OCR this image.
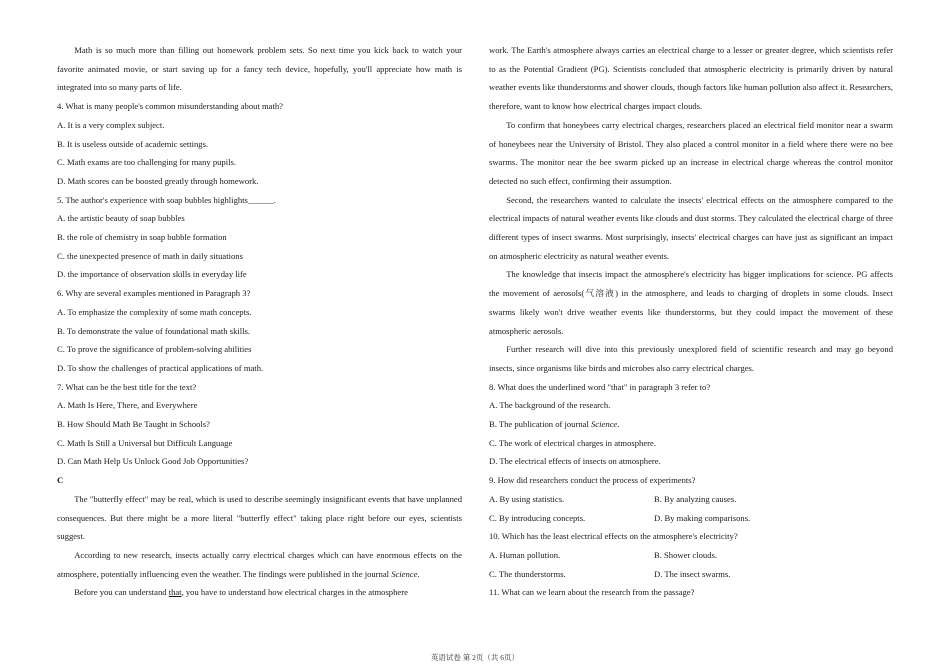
Math is so much more than filling out homework problem sets. So next time you kick back to watch your favorite animated movie, or start saving up for a fancy tech device, hopefully, you'll appreciate how math is integrated into so many parts of life.

4. What is many people's common misunderstanding about math?

A. It is a very complex subject.

B. It is useless outside of academic settings.

C. Math exams are too challenging for many pupils.

D. Math scores can be boosted greatly through homework.

5. The author's experience with soap bubbles highlights______.

A. the artistic beauty of soap bubbles

B. the role of chemistry in soap bubble formation

C. the unexpected presence of math in daily situations

D. the importance of observation skills in everyday life

6. Why are several examples mentioned in Paragraph 3?

A. To emphasize the complexity of some math concepts.

B. To demonstrate the value of foundational math skills.

C. To prove the significance of problem-solving abilities

D. To show the challenges of practical applications of math.

7. What can be the best title for the text?

A. Math Is Here, There, and Everywhere

B. How Should Math Be Taught in Schools?

C. Math Is Still a Universal but Difficult Language

D. Can Math Help Us Unlock Good Job Opportunities?

C

The "butterfly effect" may be real, which is used to describe seemingly insignificant events that have unplanned consequences. But there might be a more literal "butterfly effect" taking place right before our eyes, scientists suggest.

According to new research, insects actually carry electrical charges which can have enormous effects on the atmosphere, potentially influencing even the weather. The findings were published in the journal Science.

Before you can understand that, you have to understand how electrical charges in the atmosphere

work. The Earth's atmosphere always carries an electrical charge to a lesser or greater degree, which scientists refer to as the Potential Gradient (PG). Scientists concluded that atmospheric electricity is primarily driven by natural weather events like thunderstorms and shower clouds, though factors like human pollution also affect it. Researchers, therefore, want to know how electrical charges impact clouds.

To confirm that honeybees carry electrical charges, researchers placed an electrical field monitor near a swarm of honeybees near the University of Bristol. They also placed a control monitor in a field where there were no bee swarms. The monitor near the bee swarm picked up an increase in electrical charge whereas the control monitor detected no such effect, confirming their assumption.

Second, the researchers wanted to calculate the insects' electrical effects on the atmosphere compared to the electrical impacts of natural weather events like clouds and dust storms. They calculated the electrical charge of three different types of insect swarms. Most surprisingly, insects' electrical charges can have just as significant an impact on atmospheric electricity as natural weather events.

The knowledge that insects impact the atmosphere's electricity has bigger implications for science. PG affects the movement of aerosols(气溶液) in the atmosphere, and leads to charging of droplets in some clouds. Insect swarms likely won't drive weather events like thunderstorms, but they could impact the movement of these atmospheric aerosols.

Further research will dive into this previously unexplored field of scientific research and may go beyond insects, since organisms like birds and microbes also carry electrical charges.

8. What does the underlined word "that" in paragraph 3 refer to?

A. The background of the research.

B. The publication of journal Science.

C. The work of electrical charges in atmosphere.

D. The electrical effects of insects on atmosphere.

9. How did researchers conduct the process of experiments?

A. By using statistics.	B. By analyzing causes.
C. By introducing concepts.	D. By making comparisons.

10. Which has the least electrical effects on the atmosphere's electricity?

A. Human pollution.	B. Shower clouds.
C. The thunderstorms.	D. The insect swarms.

11. What can we learn about the research from the passage?

英语试卷 第 2页（共 6页）
